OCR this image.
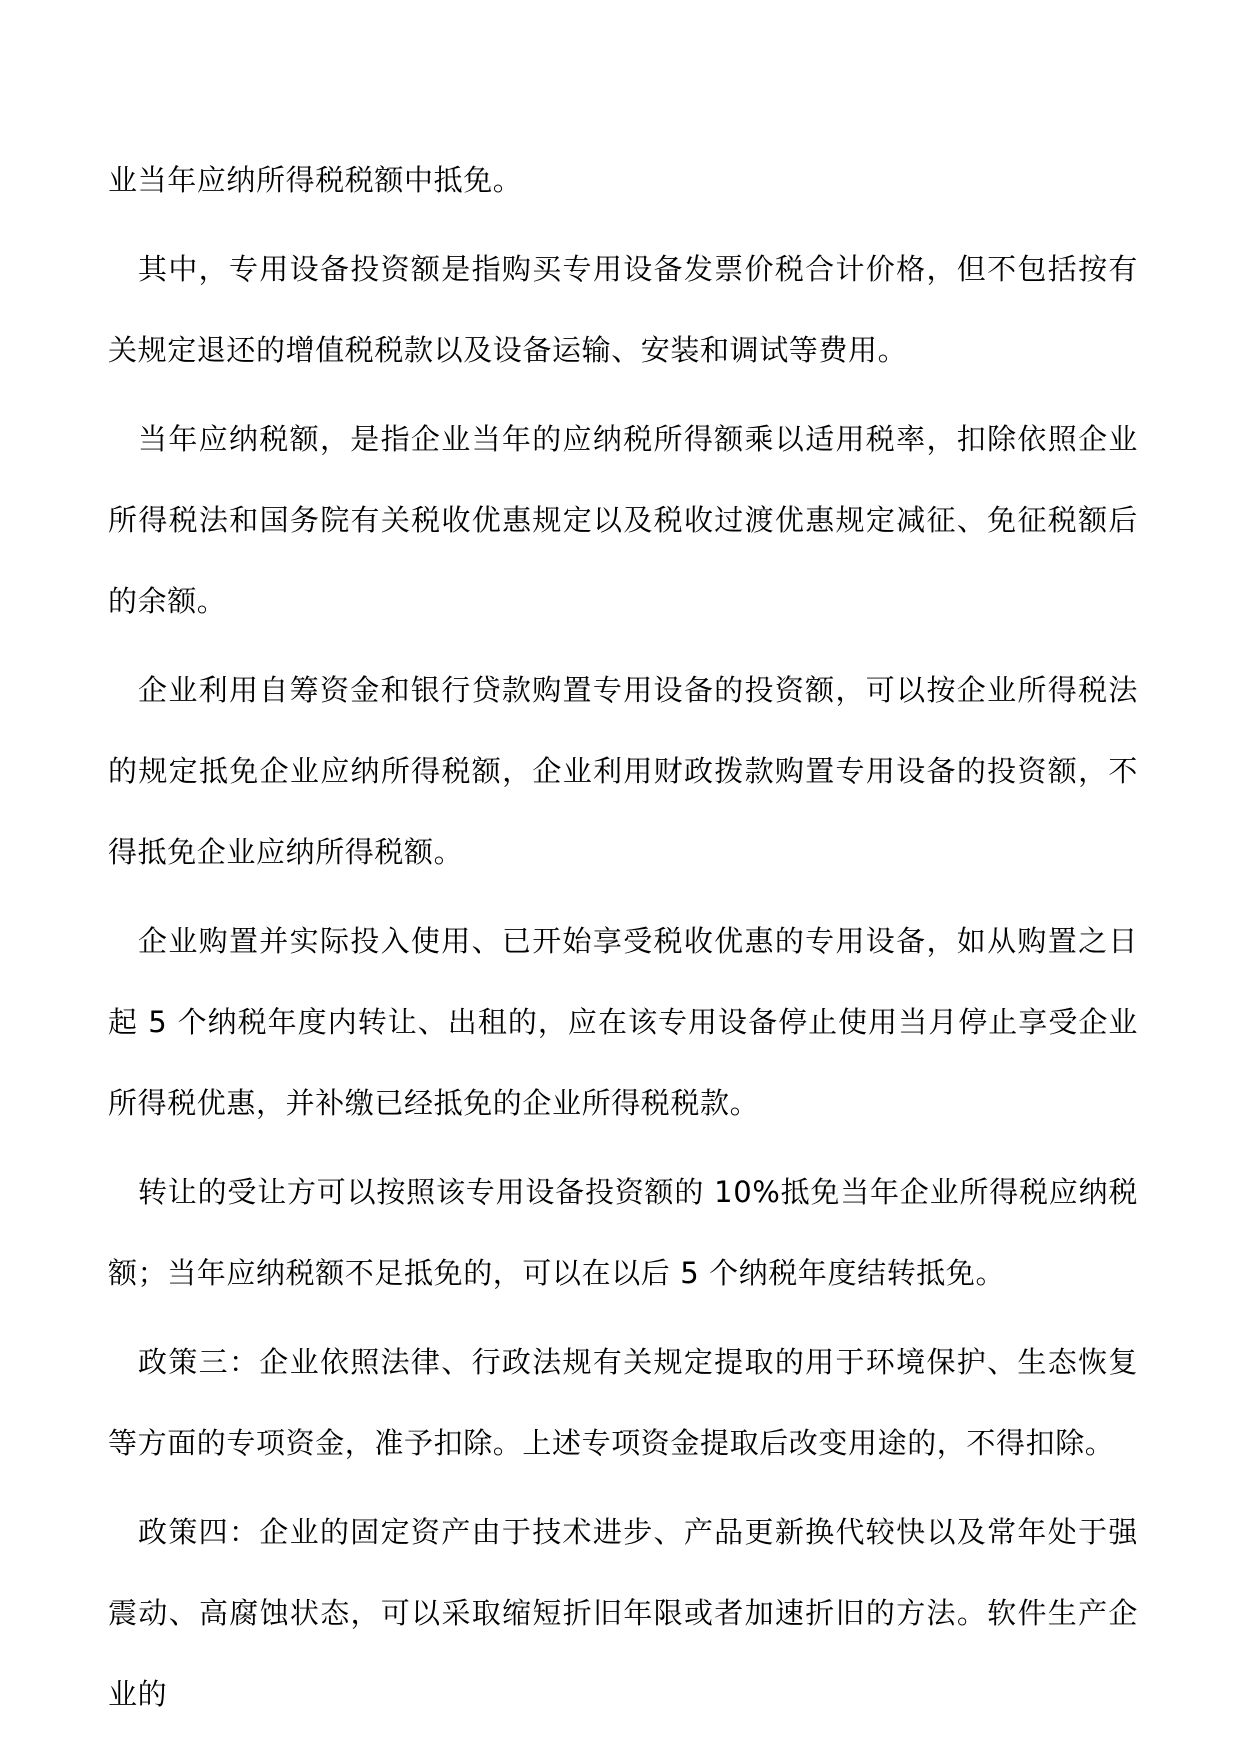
业当年应纳所得税税额中抵免。

其中，专用设备投资额是指购买专用设备发票价税合计价格，但不包括按有关规定退还的增值税税款以及设备运输、安装和调试等费用。

当年应纳税额，是指企业当年的应纳税所得额乘以适用税率，扣除依照企业所得税法和国务院有关税收优惠规定以及税收过渡优惠规定减征、免征税额后的余额。

企业利用自筹资金和银行贷款购置专用设备的投资额，可以按企业所得税法的规定抵免企业应纳所得税额，企业利用财政拨款购置专用设备的投资额，不得抵免企业应纳所得税额。

企业购置并实际投入使用、已开始享受税收优惠的专用设备，如从购置之日起 5 个纳税年度内转让、出租的，应在该专用设备停止使用当月停止享受企业所得税优惠，并补缴已经抵免的企业所得税税款。

转让的受让方可以按照该专用设备投资额的 10%抵免当年企业所得税应纳税额；当年应纳税额不足抵免的，可以在以后 5 个纳税年度结转抵免。

政策三：企业依照法律、行政法规有关规定提取的用于环境保护、生态恢复等方面的专项资金，准予扣除。上述专项资金提取后改变用途的，不得扣除。

政策四：企业的固定资产由于技术进步、产品更新换代较快以及常年处于强震动、高腐蚀状态，可以采取缩短折旧年限或者加速折旧的方法。软件生产企业的
